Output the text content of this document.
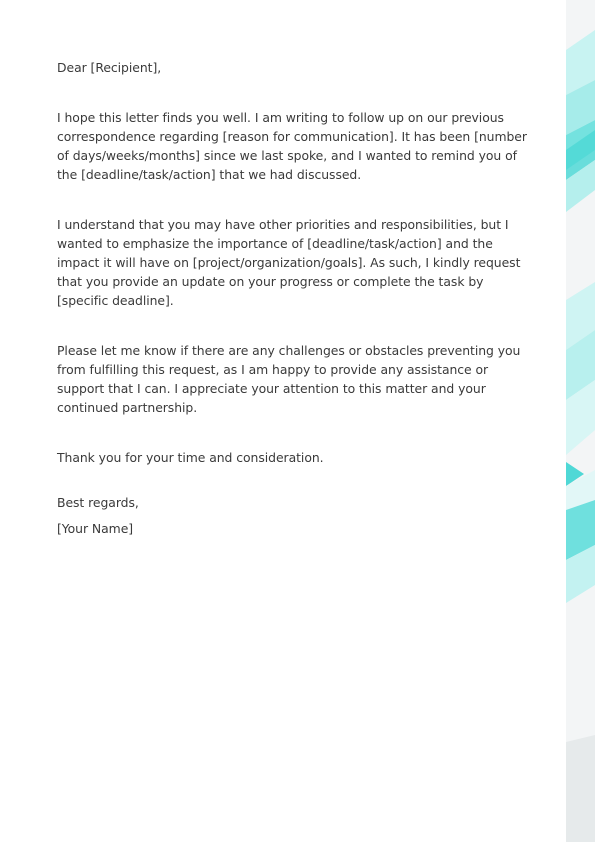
Dear [Recipient],

I hope this letter finds you well. I am writing to follow up on our previous correspondence regarding [reason for communication]. It has been [number of days/weeks/months] since we last spoke, and I wanted to remind you of the [deadline/task/action] that we had discussed.

I understand that you may have other priorities and responsibilities, but I wanted to emphasize the importance of [deadline/task/action] and the impact it will have on [project/organization/goals]. As such, I kindly request that you provide an update on your progress or complete the task by [specific deadline].

Please let me know if there are any challenges or obstacles preventing you from fulfilling this request, as I am happy to provide any assistance or support that I can. I appreciate your attention to this matter and your continued partnership.

Thank you for your time and consideration.

Best regards,

[Your Name]
